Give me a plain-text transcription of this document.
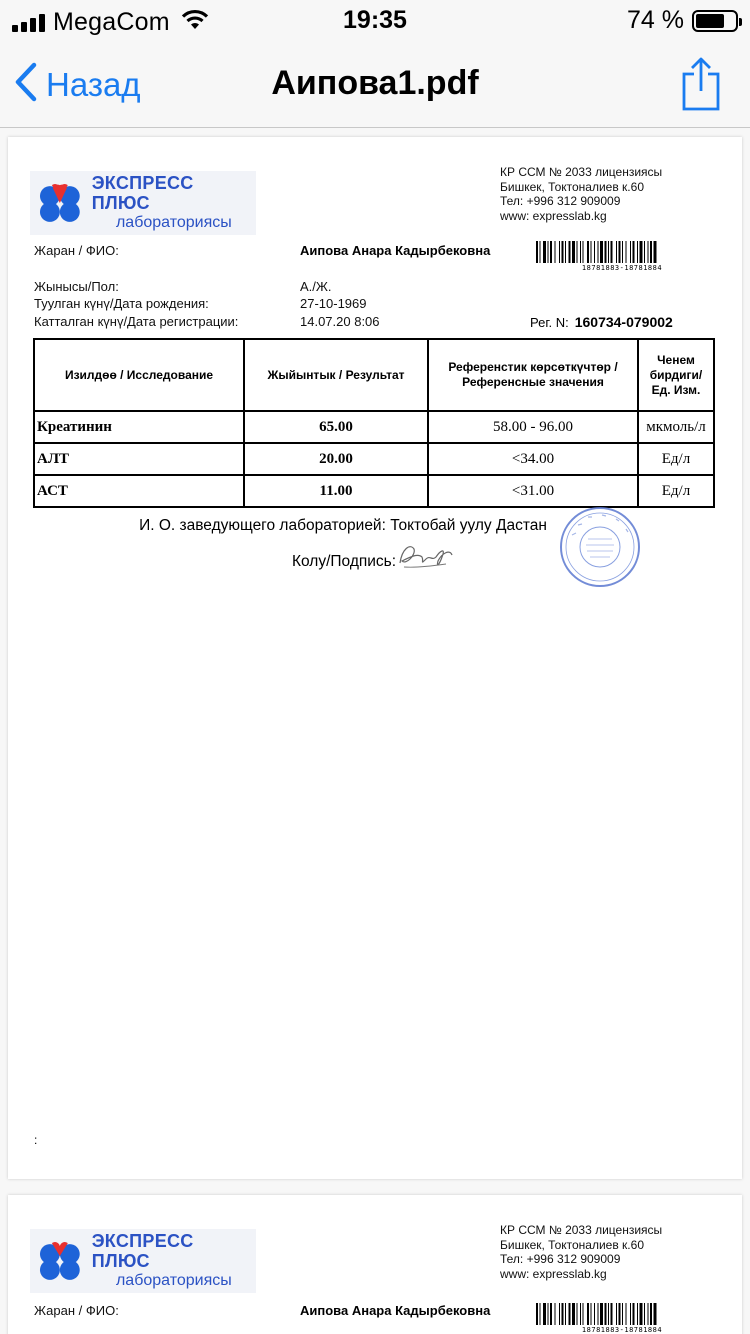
MegaCom	19:35	74 %
Назад	Аипова1.pdf
ЭКСПРЕСС ПЛЮС
лабораториясы
КР ССМ № 2033 лицензиясы
Бишкек, Токтоналиев к.60
Тел: +996 312 909009
www: expresslab.kg
Жаран / ФИО:	Аипова Анара Кадырбековна
18781883-18781884
Жынысы/Пол:	А./Ж.
Туулган күнү/Дата рождения:	27-10-1969
Катталган күнү/Дата регистрации:	14.07.20 8:06	Рег. N: 160734-079002
Изилдөө / Исследование	Жыйынтык / Результат	Референстик көрсөткүчтөр / Референсные значения	Ченем бирдиги/ Ед. Изм.
Креатинин	65.00	58.00 - 96.00	мкмоль/л
АЛТ	20.00	<34.00	Ед/л
АСТ	11.00	<31.00	Ед/л
И. О. заведующего лабораторией: Токтобай уулу Дастан
Колу/Подпись:
:
ЭКСПРЕСС ПЛЮС
лабораториясы
КР ССМ № 2033 лицензиясы
Бишкек, Токтоналиев к.60
Тел: +996 312 909009
www: expresslab.kg
Жаран / ФИО:	Аипова Анара Кадырбековна
18781883-18781884
